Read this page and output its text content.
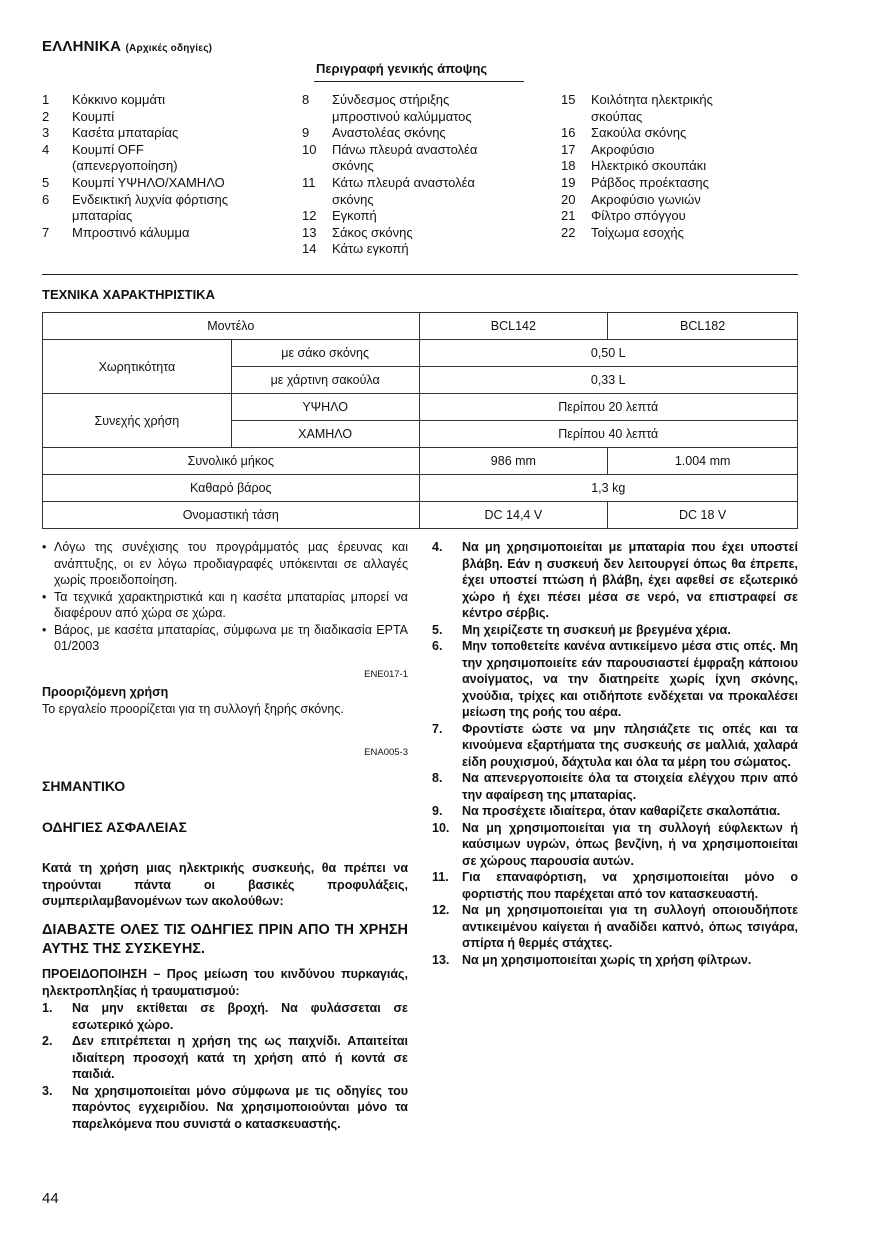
ΕΛΛΗΝΙΚΑ (Αρχικές οδηγίες)
Περιγραφή γενικής άποψης
1	Κόκκινο κομμάτι
2	Κουμπί
3	Κασέτα μπαταρίας
4	Κουμπί OFF (απενεργοποίηση)
5	Κουμπί ΥΨΗΛΟ/ΧΑΜΗΛΟ
6	Ενδεικτική λυχνία φόρτισης μπαταρίας
7	Μπροστινό κάλυμμα
8	Σύνδεσμος στήριξης μπροστινού καλύμματος
9	Αναστολέας σκόνης
10	Πάνω πλευρά αναστολέα σκόνης
11	Κάτω πλευρά αναστολέα σκόνης
12	Εγκοπή
13	Σάκος σκόνης
14	Κάτω εγκοπή
15	Κοιλότητα ηλεκτρικής σκούπας
16	Σακούλα σκόνης
17	Ακροφύσιο
18	Ηλεκτρικό σκουπάκι
19	Ράβδος προέκτασης
20	Ακροφύσιο γωνιών
21	Φίλτρο σπόγγου
22	Τοίχωμα εσοχής
ΤΕΧΝΙΚΑ ΧΑΡΑΚΤΗΡΙΣΤΙΚΑ
Μοντέλο		BCL142	BCL182
Χωρητικότητα	με σάκο σκόνης	0,50 L	
	με χάρτινη σακούλα	0,33 L	
Συνεχής χρήση	ΥΨΗΛΟ	Περίπου 20 λεπτά	
	ΧΑΜΗΛΟ	Περίπου 40 λεπτά	
Συνολικό μήκος		986 mm	1.004 mm
Καθαρό βάρος		1,3 kg	
Ονομαστική τάση		DC 14,4 V	DC 18 V
• Λόγω της συνέχισης του προγράμματός μας έρευνας και ανάπτυξης, οι εν λόγω προδιαγραφές υπόκεινται σε αλλαγές χωρίς προειδοποίηση.
• Τα τεχνικά χαρακτηριστικά και η κασέτα μπαταρίας μπορεί να διαφέρουν από χώρα σε χώρα.
• Βάρος, με κασέτα μπαταρίας, σύμφωνα με τη διαδικασία EPTA 01/2003
ENE017-1
Προοριζόμενη χρήση
Το εργαλείο προορίζεται για τη συλλογή ξηρής σκόνης.
ENA005-3
ΣΗΜΑΝΤΙΚΟ
ΟΔΗΓΙΕΣ ΑΣΦΑΛΕΙΑΣ
Κατά τη χρήση μιας ηλεκτρικής συσκευής, θα πρέπει να τηρούνται πάντα οι βασικές προφυλάξεις, συμπεριλαμβανομένων των ακολούθων:
ΔΙΑΒΑΣΤΕ ΟΛΕΣ ΤΙΣ ΟΔΗΓΙΕΣ ΠΡΙΝ ΑΠΟ ΤΗ ΧΡΗΣΗ ΑΥΤΗΣ ΤΗΣ ΣΥΣΚΕΥΗΣ.
ΠΡΟΕΙΔΟΠΟΙΗΣΗ – Προς μείωση του κινδύνου πυρκαγιάς, ηλεκτροπληξίας ή τραυματισμού:
1.	Να μην εκτίθεται σε βροχή. Να φυλάσσεται σε εσωτερικό χώρο.
2.	Δεν επιτρέπεται η χρήση της ως παιχνίδι. Απαιτείται ιδιαίτερη προσοχή κατά τη χρήση από ή κοντά σε παιδιά.
3.	Να χρησιμοποιείται μόνο σύμφωνα με τις οδηγίες του παρόντος εγχειριδίου. Να χρησιμοποιούνται μόνο τα παρελκόμενα που συνιστά ο κατασκευαστής.
4.	Να μη χρησιμοποιείται με μπαταρία που έχει υποστεί βλάβη. Εάν η συσκευή δεν λειτουργεί όπως θα έπρεπε, έχει υποστεί πτώση ή βλάβη, έχει αφεθεί σε εξωτερικό χώρο ή έχει πέσει μέσα σε νερό, να επιστραφεί σε κέντρο σέρβις.
5.	Μη χειρίζεστε τη συσκευή με βρεγμένα χέρια.
6.	Μην τοποθετείτε κανένα αντικείμενο μέσα στις οπές. Μη την χρησιμοποιείτε εάν παρουσιαστεί έμφραξη κάποιου ανοίγματος, να την διατηρείτε χωρίς ίχνη σκόνης, χνούδια, τρίχες και οτιδήποτε ενδέχεται να προκαλέσει μείωση της ροής του αέρα.
7.	Φροντίστε ώστε να μην πλησιάζετε τις οπές και τα κινούμενα εξαρτήματα της συσκευής σε μαλλιά, χαλαρά είδη ρουχισμού, δάχτυλα και όλα τα μέρη του σώματος.
8.	Να απενεργοποιείτε όλα τα στοιχεία ελέγχου πριν από την αφαίρεση της μπαταρίας.
9.	Να προσέχετε ιδιαίτερα, όταν καθαρίζετε σκαλοπάτια.
10.	Να μη χρησιμοποιείται για τη συλλογή εύφλεκτων ή καύσιμων υγρών, όπως βενζίνη, ή να χρησιμοποιείται σε χώρους παρουσία αυτών.
11.	Για επαναφόρτιση, να χρησιμοποιείται μόνο ο φορτιστής που παρέχεται από τον κατασκευαστή.
12.	Να μη χρησιμοποιείται για τη συλλογή οποιουδήποτε αντικειμένου καίγεται ή αναδίδει καπνό, όπως τσιγάρα, σπίρτα ή θερμές στάχτες.
13.	Να μη χρησιμοποιείται χωρίς τη χρήση φίλτρων.
44
